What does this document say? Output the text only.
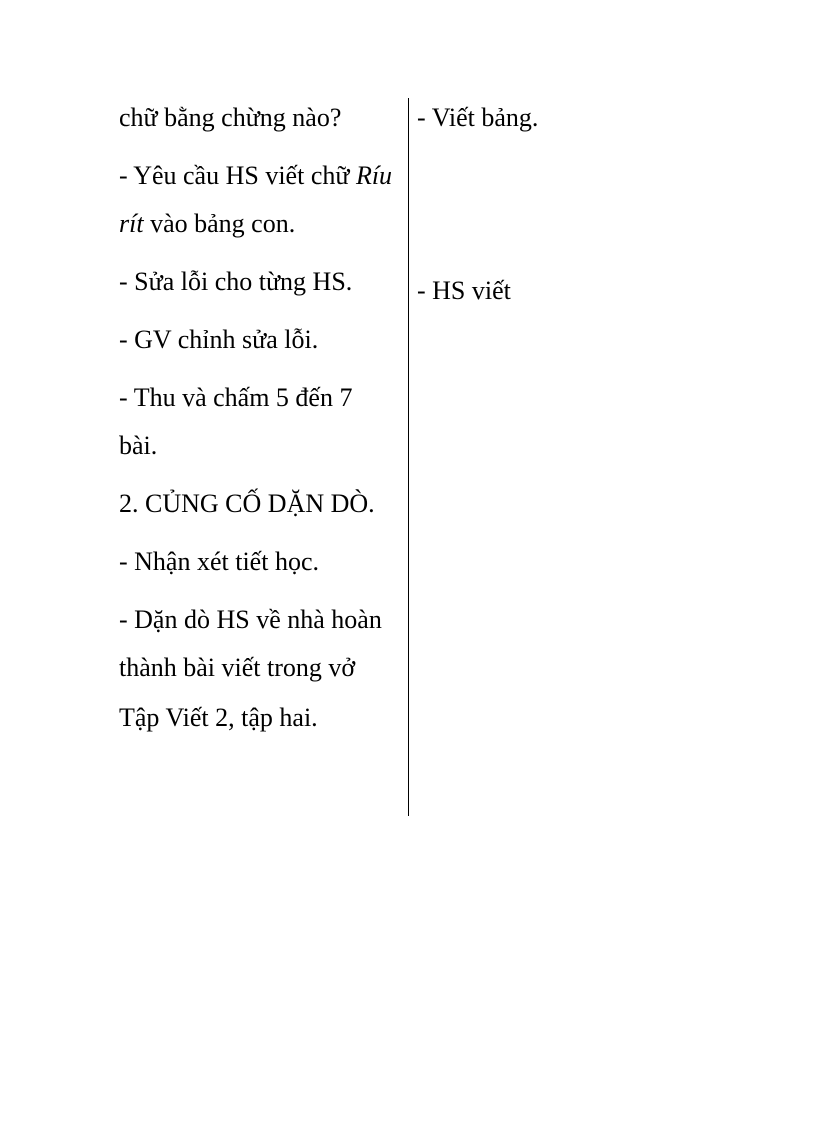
chữ bằng chừng nào?
- Yêu cầu HS viết chữ Ríu
rít vào bảng con.
- Sửa lỗi cho từng HS.
- GV chỉnh sửa lỗi.
- Thu và chấm 5 đến 7
bài.
2. CỦNG CỐ DẶN DÒ.
- Nhận xét tiết học.
- Dặn dò HS về nhà hoàn
thành bài viết trong vở
Tập Viết 2, tập hai.
- Viết bảng.
- HS viết
